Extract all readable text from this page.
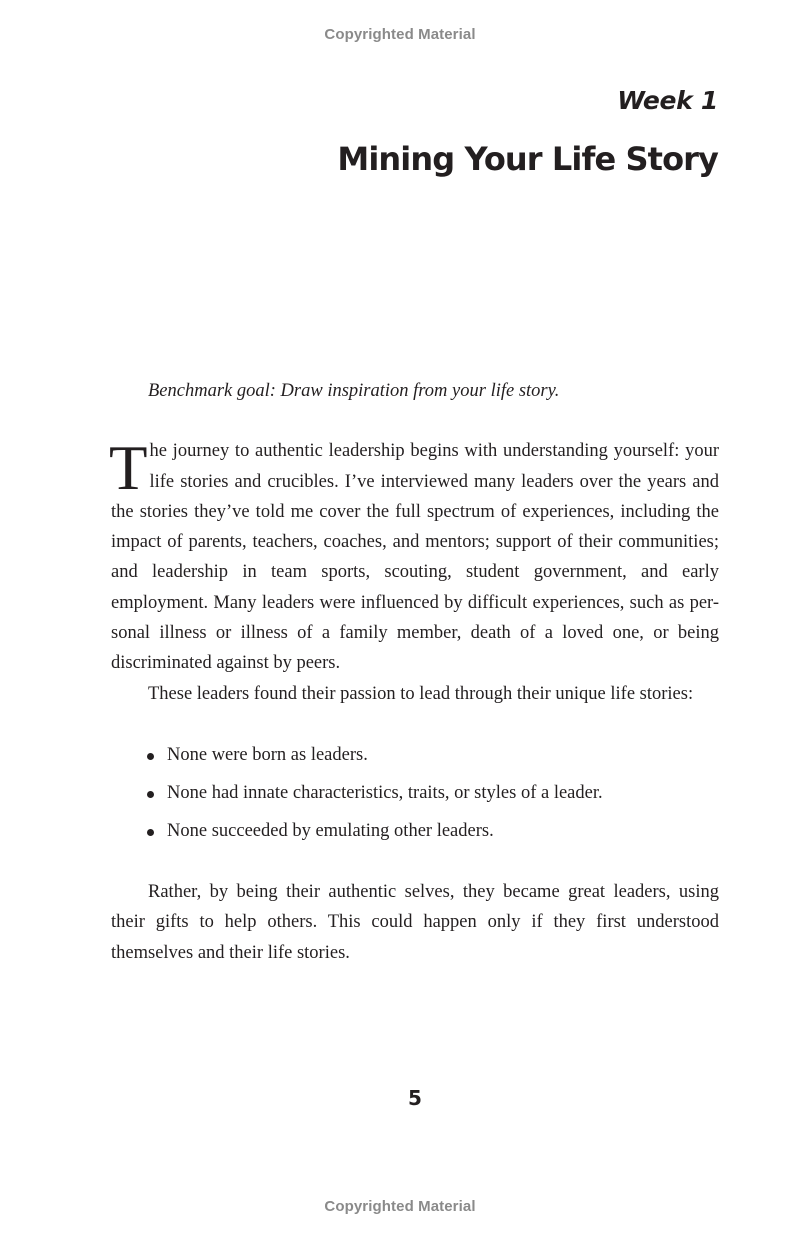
Copyrighted Material
Week 1
Mining Your Life Story

Benchmark goal: Draw inspiration from your life story.

The journey to authentic leadership begins with understanding yourself: your life stories and crucibles. I’ve interviewed many leaders over the years and the stories they’ve told me cover the full spectrum of experiences, including the impact of parents, teachers, coaches, and mentors; support of their communities; and leadership in team sports, scouting, student government, and early employment. Many leaders were influenced by difficult experiences, such as per-sonal illness or illness of a family member, death of a loved one, or being discriminated against by peers.

These leaders found their passion to lead through their unique life stories:

None were born as leaders.
None had innate characteristics, traits, or styles of a leader.
None succeeded by emulating other leaders.

Rather, by being their authentic selves, they became great leaders, using their gifts to help others. This could happen only if they first understood themselves and their life stories.

5
Copyrighted Material
